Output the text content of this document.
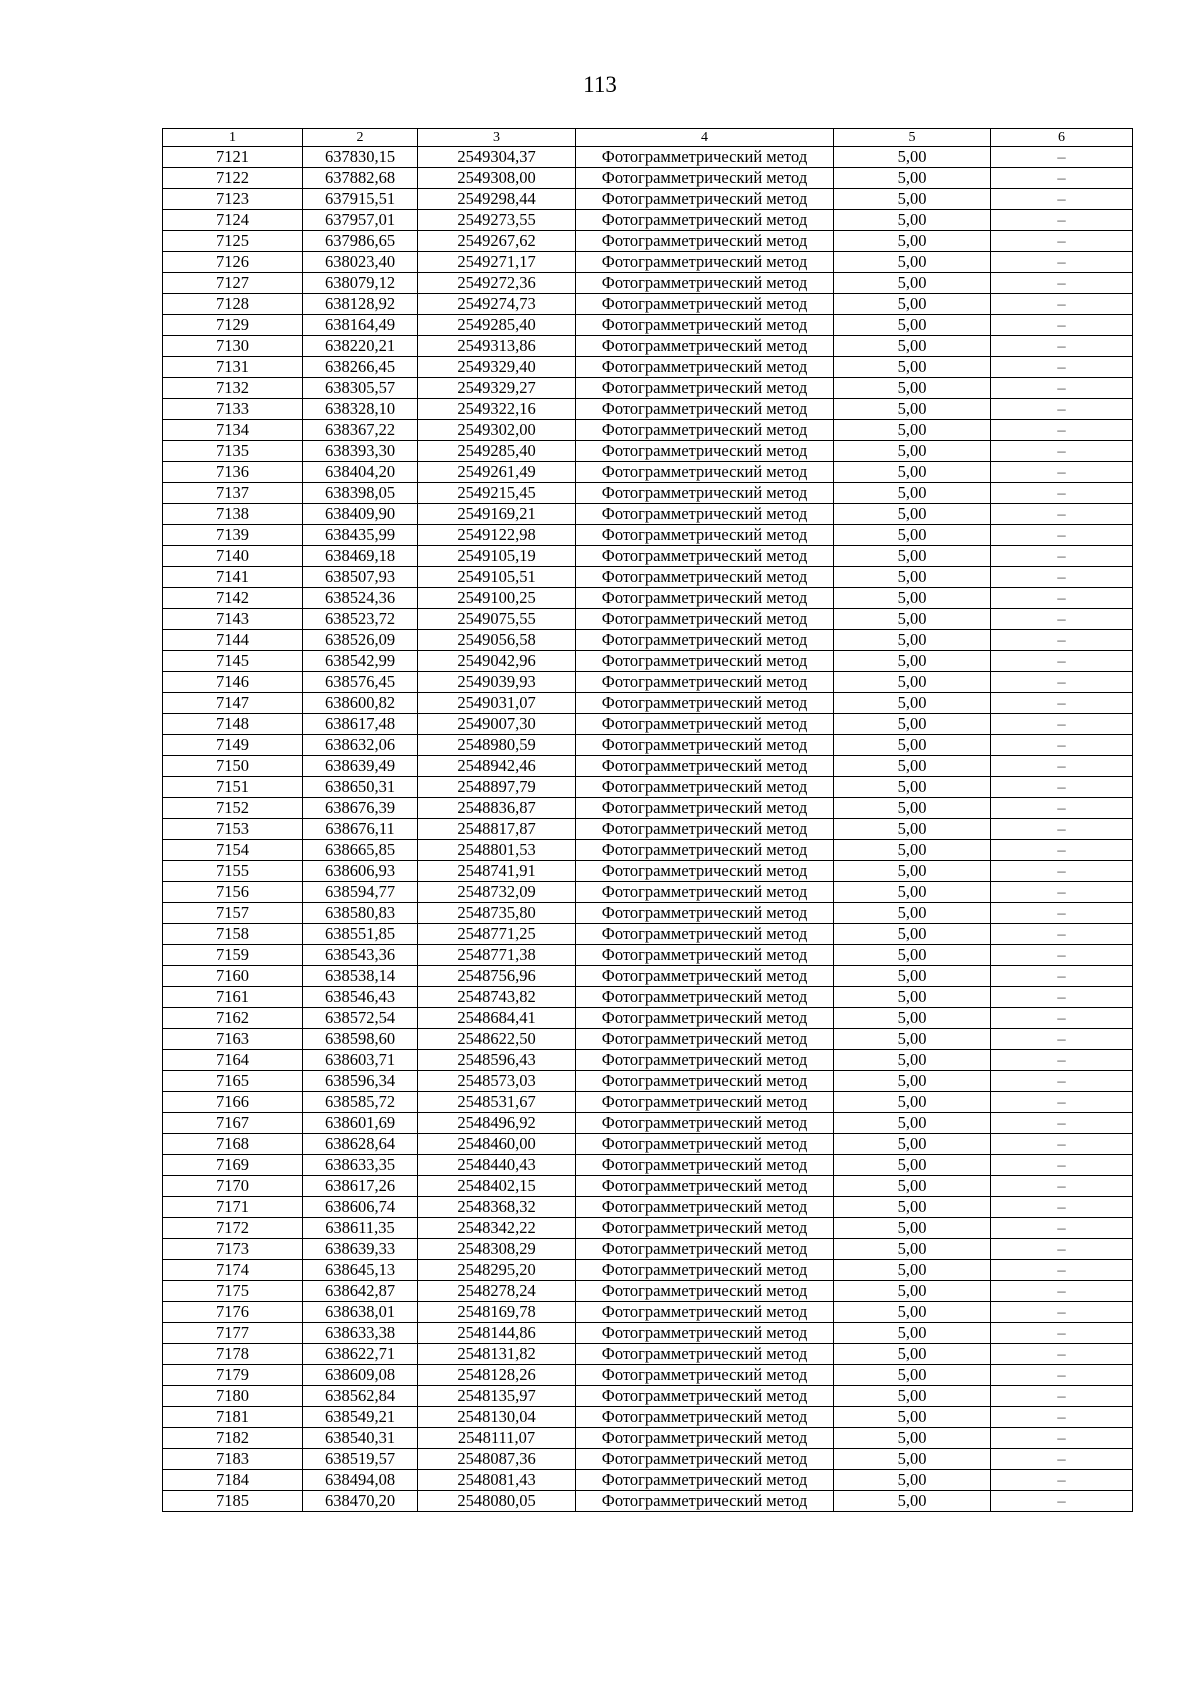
113
1	2	3	4	5	6
7121	637830,15	2549304,37	Фотограмметрический метод	5,00	–
7122	637882,68	2549308,00	Фотограмметрический метод	5,00	–
7123	637915,51	2549298,44	Фотограмметрический метод	5,00	–
7124	637957,01	2549273,55	Фотограмметрический метод	5,00	–
7125	637986,65	2549267,62	Фотограмметрический метод	5,00	–
7126	638023,40	2549271,17	Фотограмметрический метод	5,00	–
7127	638079,12	2549272,36	Фотограмметрический метод	5,00	–
7128	638128,92	2549274,73	Фотограмметрический метод	5,00	–
7129	638164,49	2549285,40	Фотограмметрический метод	5,00	–
7130	638220,21	2549313,86	Фотограмметрический метод	5,00	–
7131	638266,45	2549329,40	Фотограмметрический метод	5,00	–
7132	638305,57	2549329,27	Фотограмметрический метод	5,00	–
7133	638328,10	2549322,16	Фотограмметрический метод	5,00	–
7134	638367,22	2549302,00	Фотограмметрический метод	5,00	–
7135	638393,30	2549285,40	Фотограмметрический метод	5,00	–
7136	638404,20	2549261,49	Фотограмметрический метод	5,00	–
7137	638398,05	2549215,45	Фотограмметрический метод	5,00	–
7138	638409,90	2549169,21	Фотограмметрический метод	5,00	–
7139	638435,99	2549122,98	Фотограмметрический метод	5,00	–
7140	638469,18	2549105,19	Фотограмметрический метод	5,00	–
7141	638507,93	2549105,51	Фотограмметрический метод	5,00	–
7142	638524,36	2549100,25	Фотограмметрический метод	5,00	–
7143	638523,72	2549075,55	Фотограмметрический метод	5,00	–
7144	638526,09	2549056,58	Фотограмметрический метод	5,00	–
7145	638542,99	2549042,96	Фотограмметрический метод	5,00	–
7146	638576,45	2549039,93	Фотограмметрический метод	5,00	–
7147	638600,82	2549031,07	Фотограмметрический метод	5,00	–
7148	638617,48	2549007,30	Фотограмметрический метод	5,00	–
7149	638632,06	2548980,59	Фотограмметрический метод	5,00	–
7150	638639,49	2548942,46	Фотограмметрический метод	5,00	–
7151	638650,31	2548897,79	Фотограмметрический метод	5,00	–
7152	638676,39	2548836,87	Фотограмметрический метод	5,00	–
7153	638676,11	2548817,87	Фотограмметрический метод	5,00	–
7154	638665,85	2548801,53	Фотограмметрический метод	5,00	–
7155	638606,93	2548741,91	Фотограмметрический метод	5,00	–
7156	638594,77	2548732,09	Фотограмметрический метод	5,00	–
7157	638580,83	2548735,80	Фотограмметрический метод	5,00	–
7158	638551,85	2548771,25	Фотограмметрический метод	5,00	–
7159	638543,36	2548771,38	Фотограмметрический метод	5,00	–
7160	638538,14	2548756,96	Фотограмметрический метод	5,00	–
7161	638546,43	2548743,82	Фотограмметрический метод	5,00	–
7162	638572,54	2548684,41	Фотограмметрический метод	5,00	–
7163	638598,60	2548622,50	Фотограмметрический метод	5,00	–
7164	638603,71	2548596,43	Фотограмметрический метод	5,00	–
7165	638596,34	2548573,03	Фотограмметрический метод	5,00	–
7166	638585,72	2548531,67	Фотограмметрический метод	5,00	–
7167	638601,69	2548496,92	Фотограмметрический метод	5,00	–
7168	638628,64	2548460,00	Фотограмметрический метод	5,00	–
7169	638633,35	2548440,43	Фотограмметрический метод	5,00	–
7170	638617,26	2548402,15	Фотограмметрический метод	5,00	–
7171	638606,74	2548368,32	Фотограмметрический метод	5,00	–
7172	638611,35	2548342,22	Фотограмметрический метод	5,00	–
7173	638639,33	2548308,29	Фотограмметрический метод	5,00	–
7174	638645,13	2548295,20	Фотограмметрический метод	5,00	–
7175	638642,87	2548278,24	Фотограмметрический метод	5,00	–
7176	638638,01	2548169,78	Фотограмметрический метод	5,00	–
7177	638633,38	2548144,86	Фотограмметрический метод	5,00	–
7178	638622,71	2548131,82	Фотограмметрический метод	5,00	–
7179	638609,08	2548128,26	Фотограмметрический метод	5,00	–
7180	638562,84	2548135,97	Фотограмметрический метод	5,00	–
7181	638549,21	2548130,04	Фотограмметрический метод	5,00	–
7182	638540,31	2548111,07	Фотограмметрический метод	5,00	–
7183	638519,57	2548087,36	Фотограмметрический метод	5,00	–
7184	638494,08	2548081,43	Фотограмметрический метод	5,00	–
7185	638470,20	2548080,05	Фотограмметрический метод	5,00	–
